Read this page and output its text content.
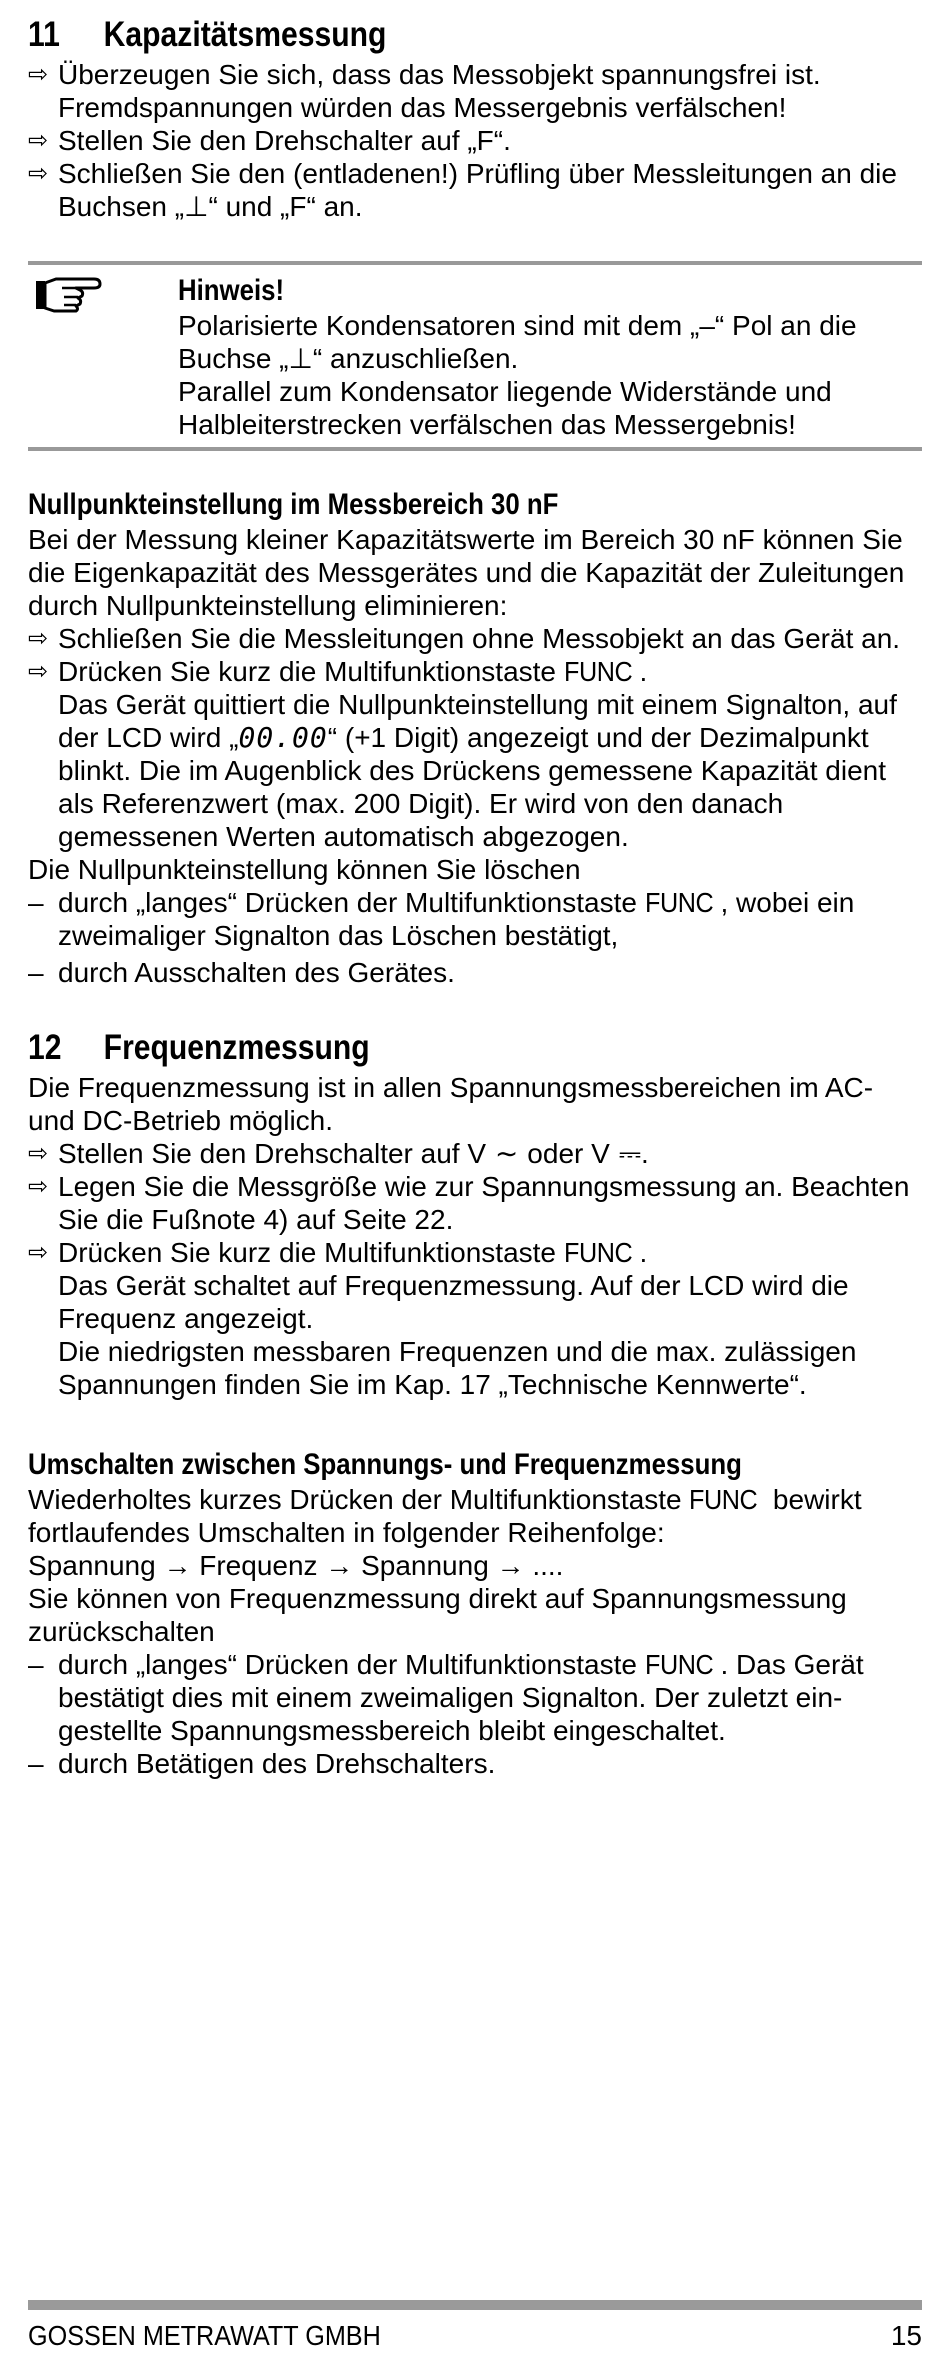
11 Kapazitätsmessung
⇨ Überzeugen Sie sich, dass das Messobjekt spannungsfrei ist. Fremdspannungen würden das Messergebnis verfälschen!
⇨ Stellen Sie den Drehschalter auf „F“.
⇨ Schließen Sie den (entladenen!) Prüfling über Messleitungen an die Buchsen „⊥“ und „F“ an.
Hinweis!
Polarisierte Kondensatoren sind mit dem „–“ Pol an die Buchse „⊥“ anzuschließen.
Parallel zum Kondensator liegende Widerstände und Halbleiterstrecken verfälschen das Messergebnis!
Nullpunkteinstellung im Messbereich 30 nF
Bei der Messung kleiner Kapazitätswerte im Bereich 30 nF können Sie die Eigenkapazität des Messgerätes und die Kapazität der Zuleitungen durch Nullpunkteinstellung eliminieren:
⇨ Schließen Sie die Messleitungen ohne Messobjekt an das Gerät an.
⇨ Drücken Sie kurz die Multifunktionstaste FUNC .
Das Gerät quittiert die Nullpunkteinstellung mit einem Signalton, auf der LCD wird „00.00“ (+1 Digit) angezeigt und der Dezimalpunkt blinkt. Die im Augenblick des Drückens gemessene Kapazität dient als Referenzwert (max. 200 Digit). Er wird von den danach gemessenen Werten automatisch abgezogen.
Die Nullpunkteinstellung können Sie löschen
– durch „langes“ Drücken der Multifunktionstaste FUNC , wobei ein zweimaliger Signalton das Löschen bestätigt,
– durch Ausschalten des Gerätes.
12 Frequenzmessung
Die Frequenzmessung ist in allen Spannungsmessbereichen im AC- und DC-Betrieb möglich.
⇨ Stellen Sie den Drehschalter auf V ∼ oder V ⎓.
⇨ Legen Sie die Messgröße wie zur Spannungsmessung an. Beachten Sie die Fußnote 4) auf Seite 22.
⇨ Drücken Sie kurz die Multifunktionstaste FUNC .
Das Gerät schaltet auf Frequenzmessung. Auf der LCD wird die Frequenz angezeigt.
Die niedrigsten messbaren Frequenzen und die max. zulässigen Spannungen finden Sie im Kap. 17 „Technische Kennwerte“.
Umschalten zwischen Spannungs- und Frequenzmessung
Wiederholtes kurzes Drücken der Multifunktionstaste FUNC bewirkt fortlaufendes Umschalten in folgender Reihenfolge:
Spannung → Frequenz → Spannung → ....
Sie können von Frequenzmessung direkt auf Spannungsmessung zurückschalten
– durch „langes“ Drücken der Multifunktionstaste FUNC . Das Gerät bestätigt dies mit einem zweimaligen Signalton. Der zuletzt eingestellte Spannungsmessbereich bleibt eingeschaltet.
– durch Betätigen des Drehschalters.
GOSSEN METRAWATT GMBH	15
